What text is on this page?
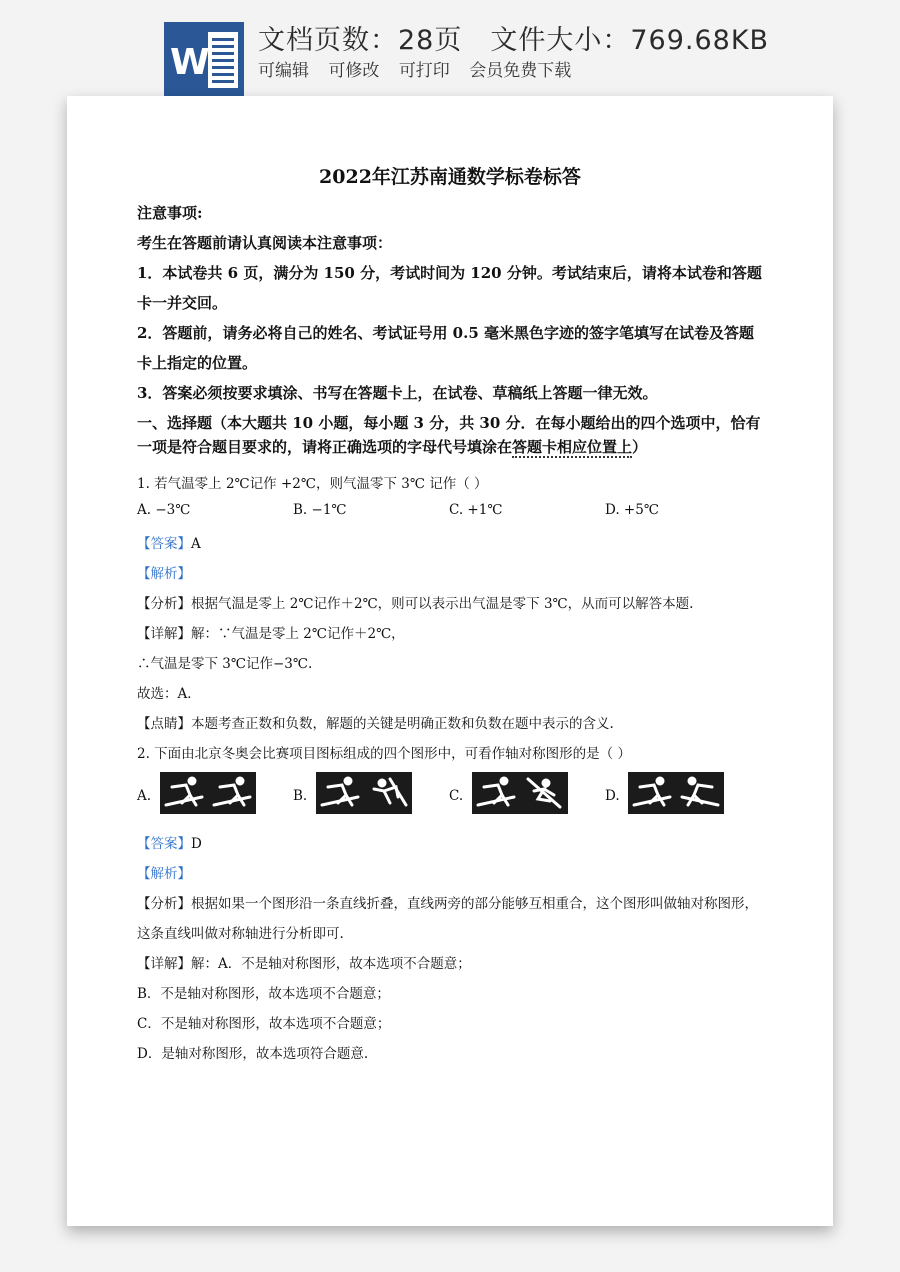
W
文档页数：28页 文件大小：769.68KB
可编辑 可修改 可打印 会员免费下载
2022年江苏南通数学标卷标答
注意事项:
考生在答题前请认真阅读本注意事项：
1．本试卷共 6 页，满分为 150 分，考试时间为 120 分钟。考试结束后，请将本试卷和答题
卡一并交回。
2．答题前，请务必将自己的姓名、考试证号用 0.5 毫米黑色字迹的签字笔填写在试卷及答题
卡上指定的位置。
3．答案必须按要求填涂、书写在答题卡上，在试卷、草稿纸上答题一律无效。
一、选择题（本大题共 10 小题，每小题 3 分，共 30 分．在每小题给出的四个选项中，恰有
一项是符合题目要求的，请将正确选项的字母代号填涂在答题卡相应位置上）
1. 若气温零上 2℃记作 +2℃，则气温零下 3℃ 记作（ ）
A. −3℃	B. −1℃	C. +1℃	D. +5℃
【答案】A
【解析】
【分析】根据气温是零上 2℃记作＋2℃，则可以表示出气温是零下 3℃，从而可以解答本题.
【详解】解：∵气温是零上 2℃记作＋2℃，
∴气温是零下 3℃记作−3℃.
故选：A．
【点睛】本题考查正数和负数，解题的关键是明确正数和负数在题中表示的含义.
2. 下面由北京冬奥会比赛项目图标组成的四个图形中，可看作轴对称图形的是（ ）
A.	B.	C.	D.
【答案】D
【解析】
【分析】根据如果一个图形沿一条直线折叠，直线两旁的部分能够互相重合，这个图形叫做轴对称图形，
这条直线叫做对称轴进行分析即可.
【详解】解：A．不是轴对称图形，故本选项不合题意；
B．不是轴对称图形，故本选项不合题意；
C．不是轴对称图形，故本选项不合题意；
D．是轴对称图形，故本选项符合题意.
